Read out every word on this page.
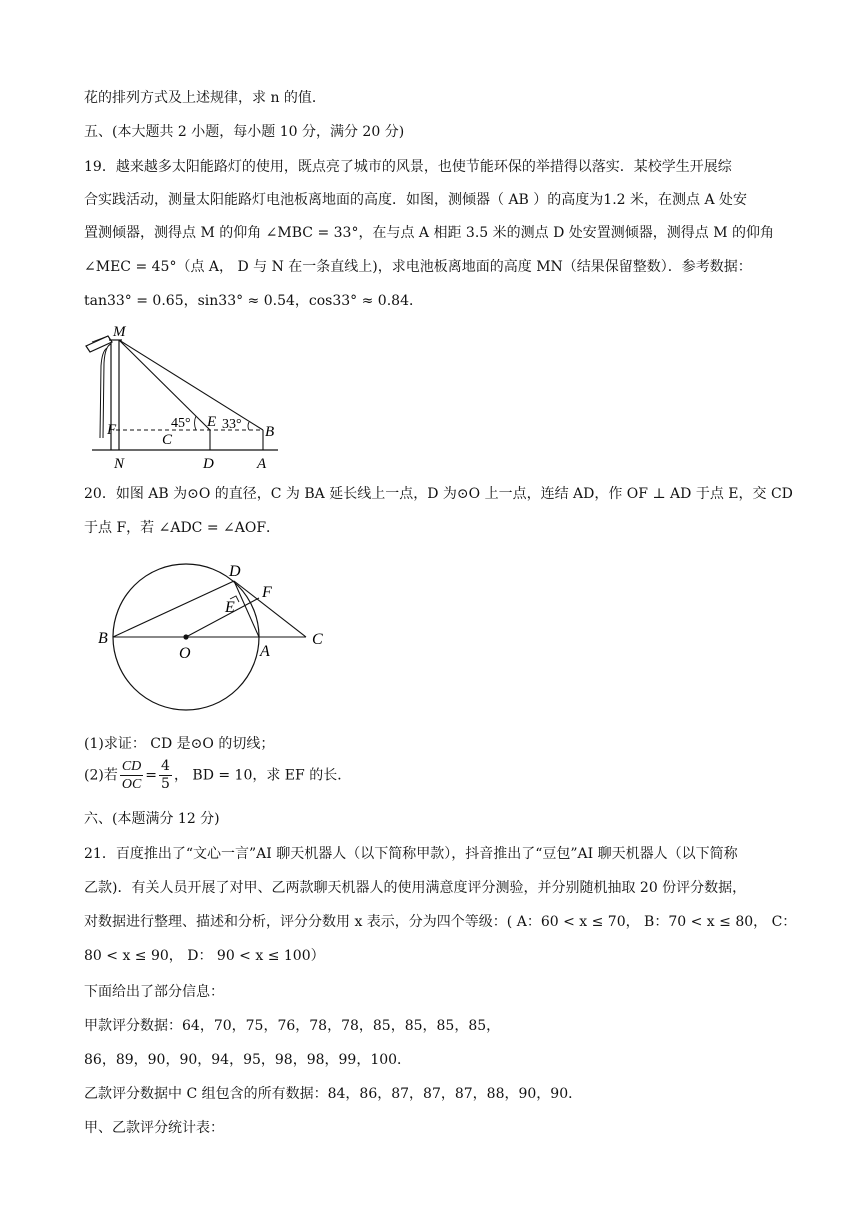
花的排列方式及上述规律，求 n 的值．
五、(本大题共 2 小题，每小题 10 分，满分 20 分)
19．越来越多太阳能路灯的使用，既点亮了城市的风景，也使节能环保的举措得以落实．某校学生开展综
合实践活动，测量太阳能路灯电池板离地面的高度．如图，测倾器（ AB ）的高度为1.2 米，在测点 A 处安
置测倾器，测得点 M 的仰角 ∠MBC = 33°，在与点 A 相距 3.5 米的测点 D 处安置测倾器，测得点 M 的仰角
∠MEC = 45°（点 A， D 与 N 在一条直线上)，求电池板离地面的高度 MN（结果保留整数）．参考数据：
tan33° = 0.65，sin33° ≈ 0.54，cos33° ≈ 0.84．
M
F
C
E
B
N	D	A
45° 33°
20．如图 AB 为⊙O 的直径，C 为 BA 延长线上一点，D 为⊙O 上一点，连结 AD，作 OF ⊥ AD 于点 E，交 CD
于点 F，若 ∠ADC = ∠AOF．
B
O	A
C
D
E
F
(1)求证： CD 是⊙O 的切线；
(2)若 $\frac{CD}{OC} = \frac{4}{5}$ ， BD = 10，求 EF 的长．
六、(本题满分 12 分)
21．百度推出了“文心一言”AI 聊天机器人（以下简称甲款），抖音推出了“豆包”AI 聊天机器人（以下简称
乙款)．有关人员开展了对甲、乙两款聊天机器人的使用满意度评分测验，并分别随机抽取 20 份评分数据，
对数据进行整理、描述和分析，评分分数用 x 表示，分为四个等级：( A：60 < x ≤ 70， B：70 < x ≤ 80， C：
80 < x ≤ 90， D： 90 < x ≤ 100）
下面给出了部分信息：
甲款评分数据：64，70，75，76，78，78，85，85，85，85，
86，89，90，90，94，95，98，98，99，100．
乙款评分数据中 C 组包含的所有数据：84，86，87，87，87，88，90，90．
甲、乙款评分统计表：
